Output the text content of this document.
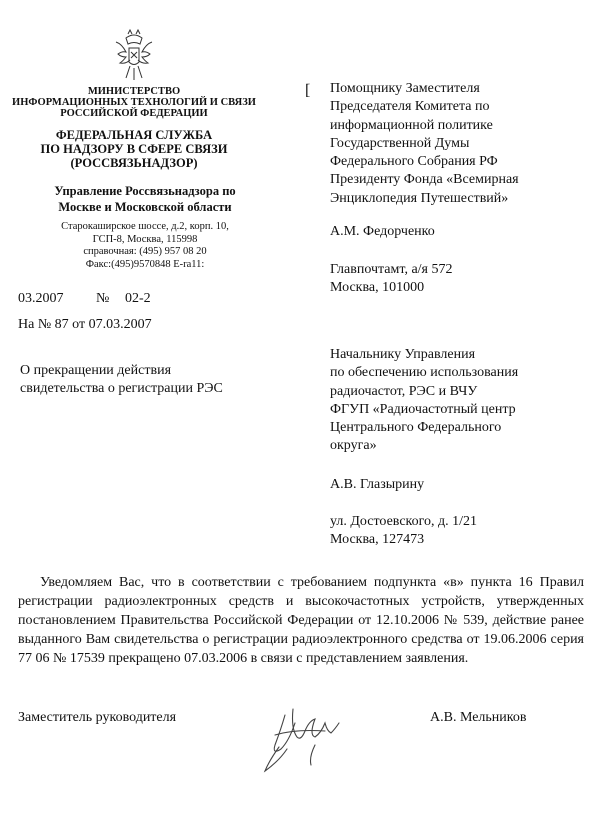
МИНИСТЕРСТВО
ИНФОРМАЦИОННЫХ ТЕХНОЛОГИЙ И СВЯЗИ
РОССИЙСКОЙ ФЕДЕРАЦИИ
ФЕДЕРАЛЬНАЯ СЛУЖБА
ПО НАДЗОРУ В СФЕРЕ СВЯЗИ
(РОССВЯЗЬНАДЗОР)
Управление Россвязьнадзора по
Москве и Московской области
Старокаширское шоссе, д.2, корп. 10,
ГСП-8, Москва, 115998
справочная: (495) 957 08 20
Факс:(495)9570848 E-ra11:
03.2007 № 02-2
На № 87 от 07.03.2007
О прекращении действия
свидетельства о регистрации РЭС
[ Помощнику Заместителя
Председателя Комитета по
информационной политике
Государственной Думы
Федерального Собрания РФ
Президенту Фонда «Всемирная
Энциклопедия Путешествий»
А.М. Федорченко
Главпочтамт, а/я 572
Москва, 101000
Начальнику Управления
по обеспечению использования
радиочастот, РЭС и ВЧУ
ФГУП «Радиочастотный центр
Центрального Федерального
округа»
А.В. Глазырину
ул. Достоевского, д. 1/21
Москва, 127473

Уведомляем Вас, что в соответствии с требованием подпункта «в» пункта 16 Правил регистрации радиоэлектронных средств и высокочастотных устройств, утвержденных постановлением Правительства Российской Федерации от 12.10.2006 № 539, действие ранее выданного Вам свидетельства о регистрации радиоэлектронного средства от 19.06.2006 серия 77 06 № 17539 прекращено 07.03.2006 в связи с представлением заявления.

Заместитель руководителя	А.В. Мельников
